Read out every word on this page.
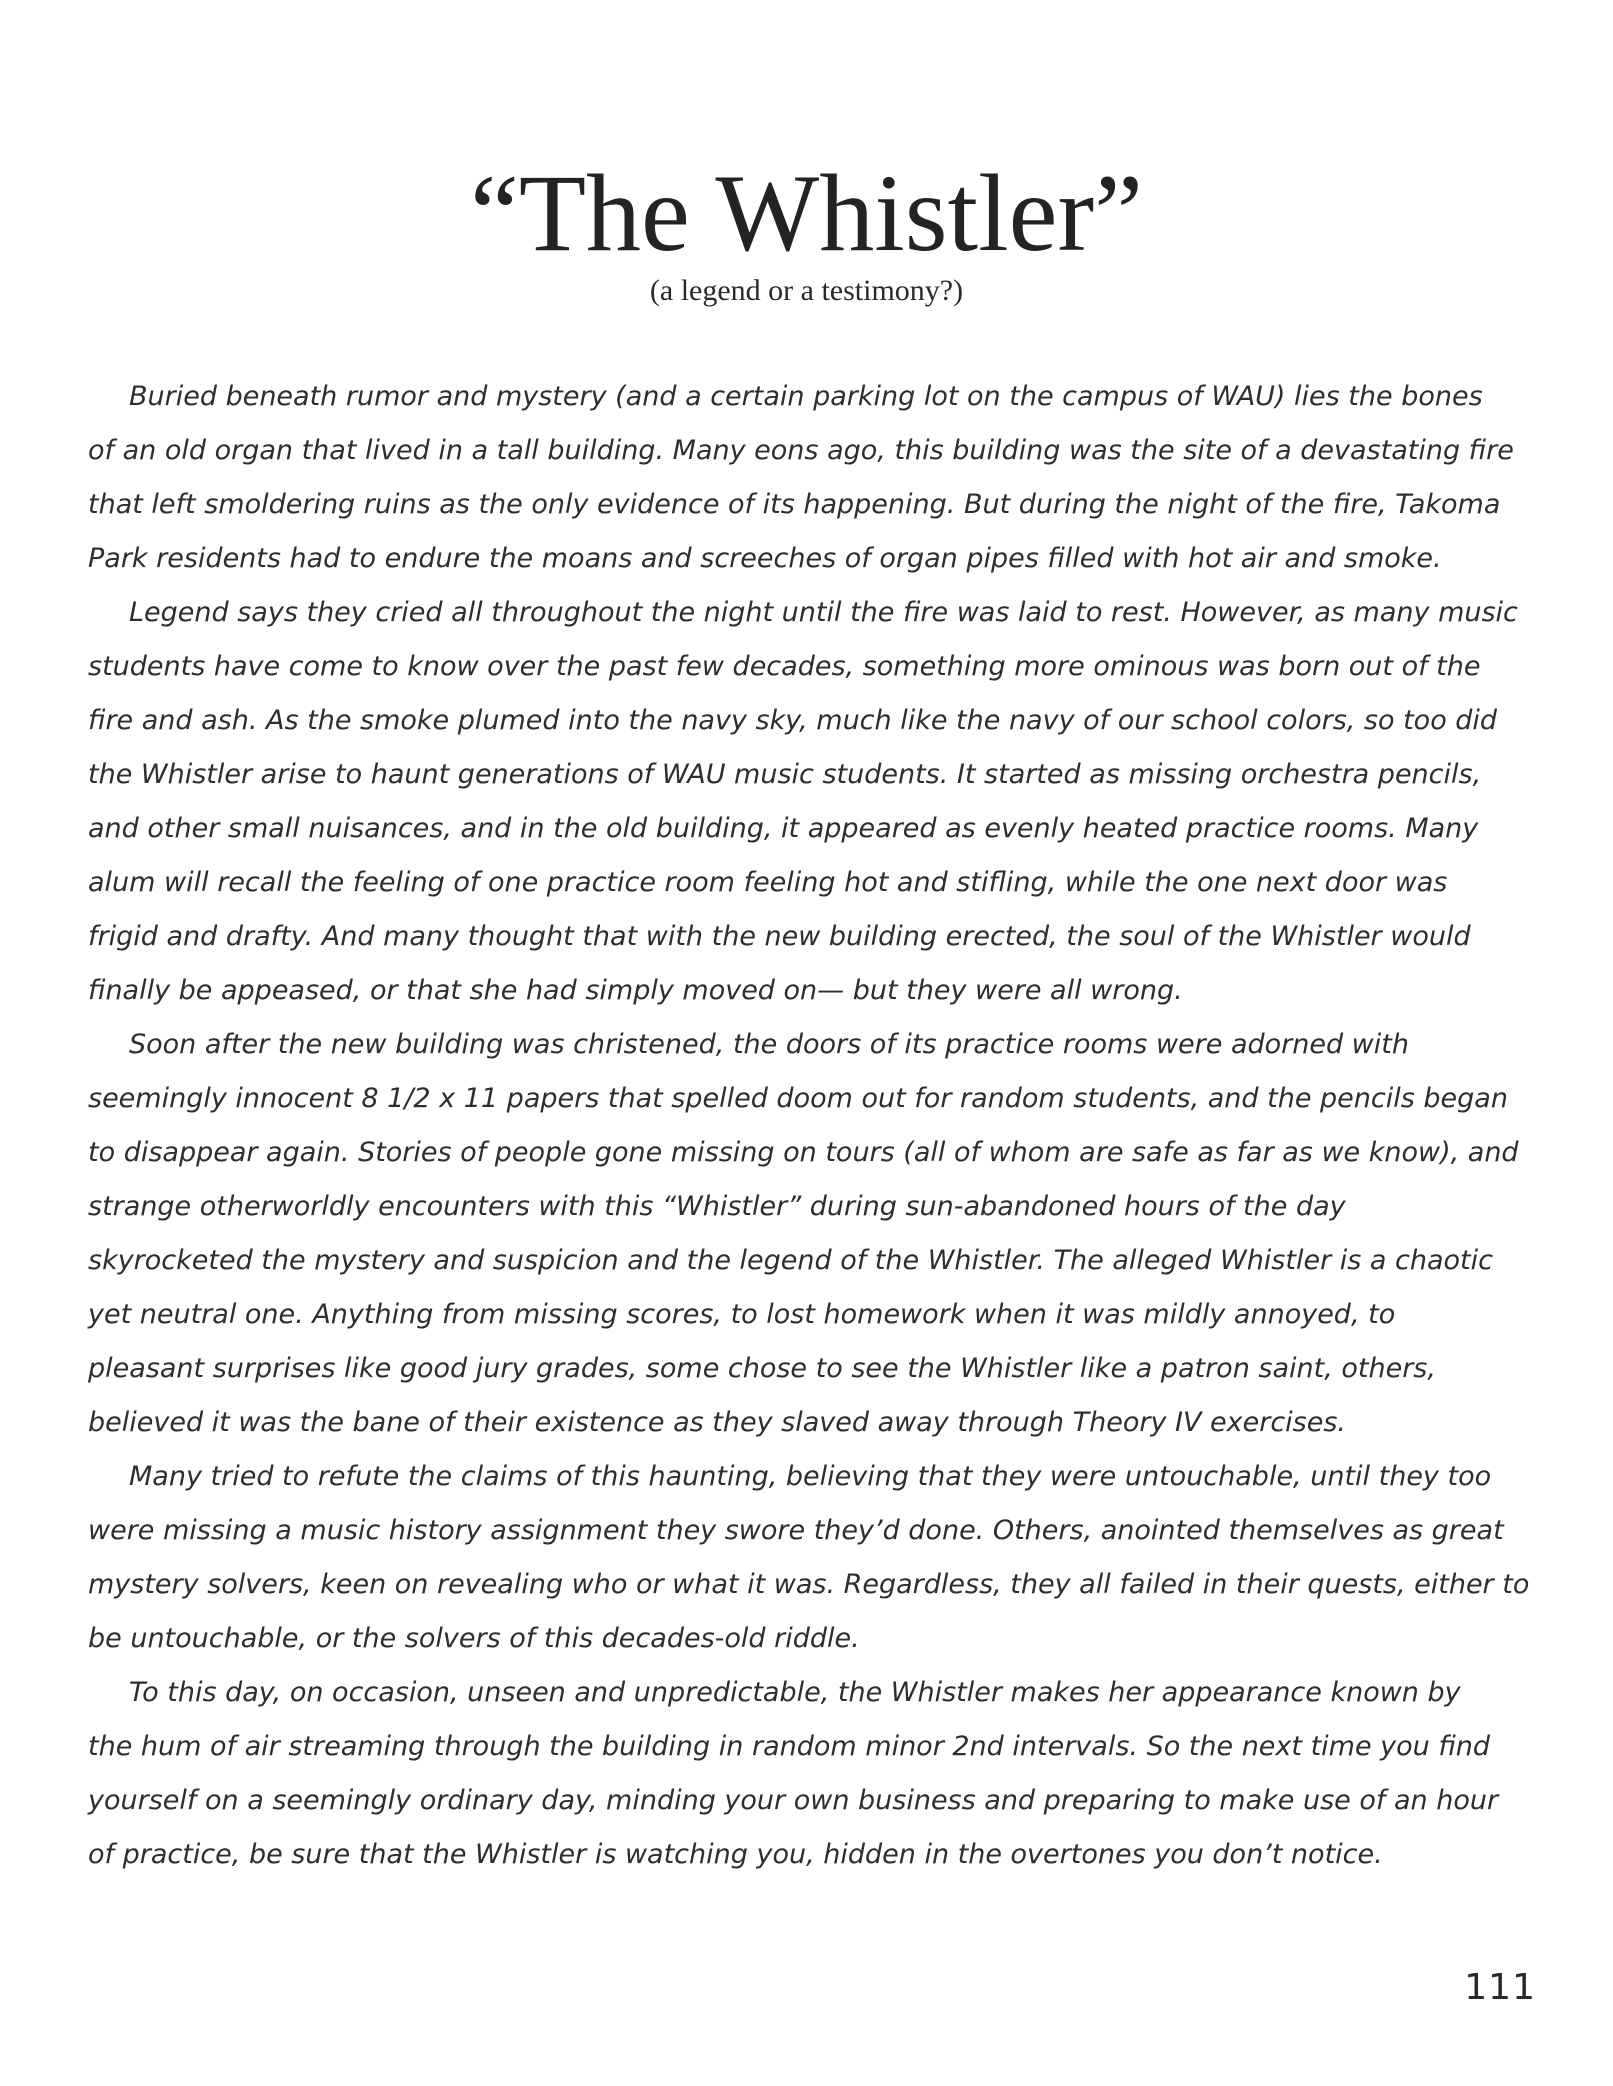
“The Whistler”
(a legend or a testimony?)
Buried beneath rumor and mystery (and a certain parking lot on the campus of WAU) lies the bones
of an old organ that lived in a tall building. Many eons ago, this building was the site of a devastating fire
that left smoldering ruins as the only evidence of its happening. But during the night of the fire, Takoma
Park residents had to endure the moans and screeches of organ pipes filled with hot air and smoke.
Legend says they cried all throughout the night until the fire was laid to rest. However, as many music
students have come to know over the past few decades, something more ominous was born out of the
fire and ash. As the smoke plumed into the navy sky, much like the navy of our school colors, so too did
the Whistler arise to haunt generations of WAU music students. It started as missing orchestra pencils,
and other small nuisances, and in the old building, it appeared as evenly heated practice rooms. Many
alum will recall the feeling of one practice room feeling hot and stifling, while the one next door was
frigid and drafty. And many thought that with the new building erected, the soul of the Whistler would
finally be appeased, or that she had simply moved on— but they were all wrong.
Soon after the new building was christened, the doors of its practice rooms were adorned with
seemingly innocent 8 1/2 x 11 papers that spelled doom out for random students, and the pencils began
to disappear again. Stories of people gone missing on tours (all of whom are safe as far as we know), and
strange otherworldly encounters with this “Whistler” during sun-abandoned hours of the day
skyrocketed the mystery and suspicion and the legend of the Whistler. The alleged Whistler is a chaotic
yet neutral one. Anything from missing scores, to lost homework when it was mildly annoyed, to
pleasant surprises like good jury grades, some chose to see the Whistler like a patron saint, others,
believed it was the bane of their existence as they slaved away through Theory IV exercises.
Many tried to refute the claims of this haunting, believing that they were untouchable, until they too
were missing a music history assignment they swore they’d done. Others, anointed themselves as great
mystery solvers, keen on revealing who or what it was. Regardless, they all failed in their quests, either to
be untouchable, or the solvers of this decades-old riddle.
To this day, on occasion, unseen and unpredictable, the Whistler makes her appearance known by
the hum of air streaming through the building in random minor 2nd intervals. So the next time you find
yourself on a seemingly ordinary day, minding your own business and preparing to make use of an hour
of practice, be sure that the Whistler is watching you, hidden in the overtones you don’t notice.
111
